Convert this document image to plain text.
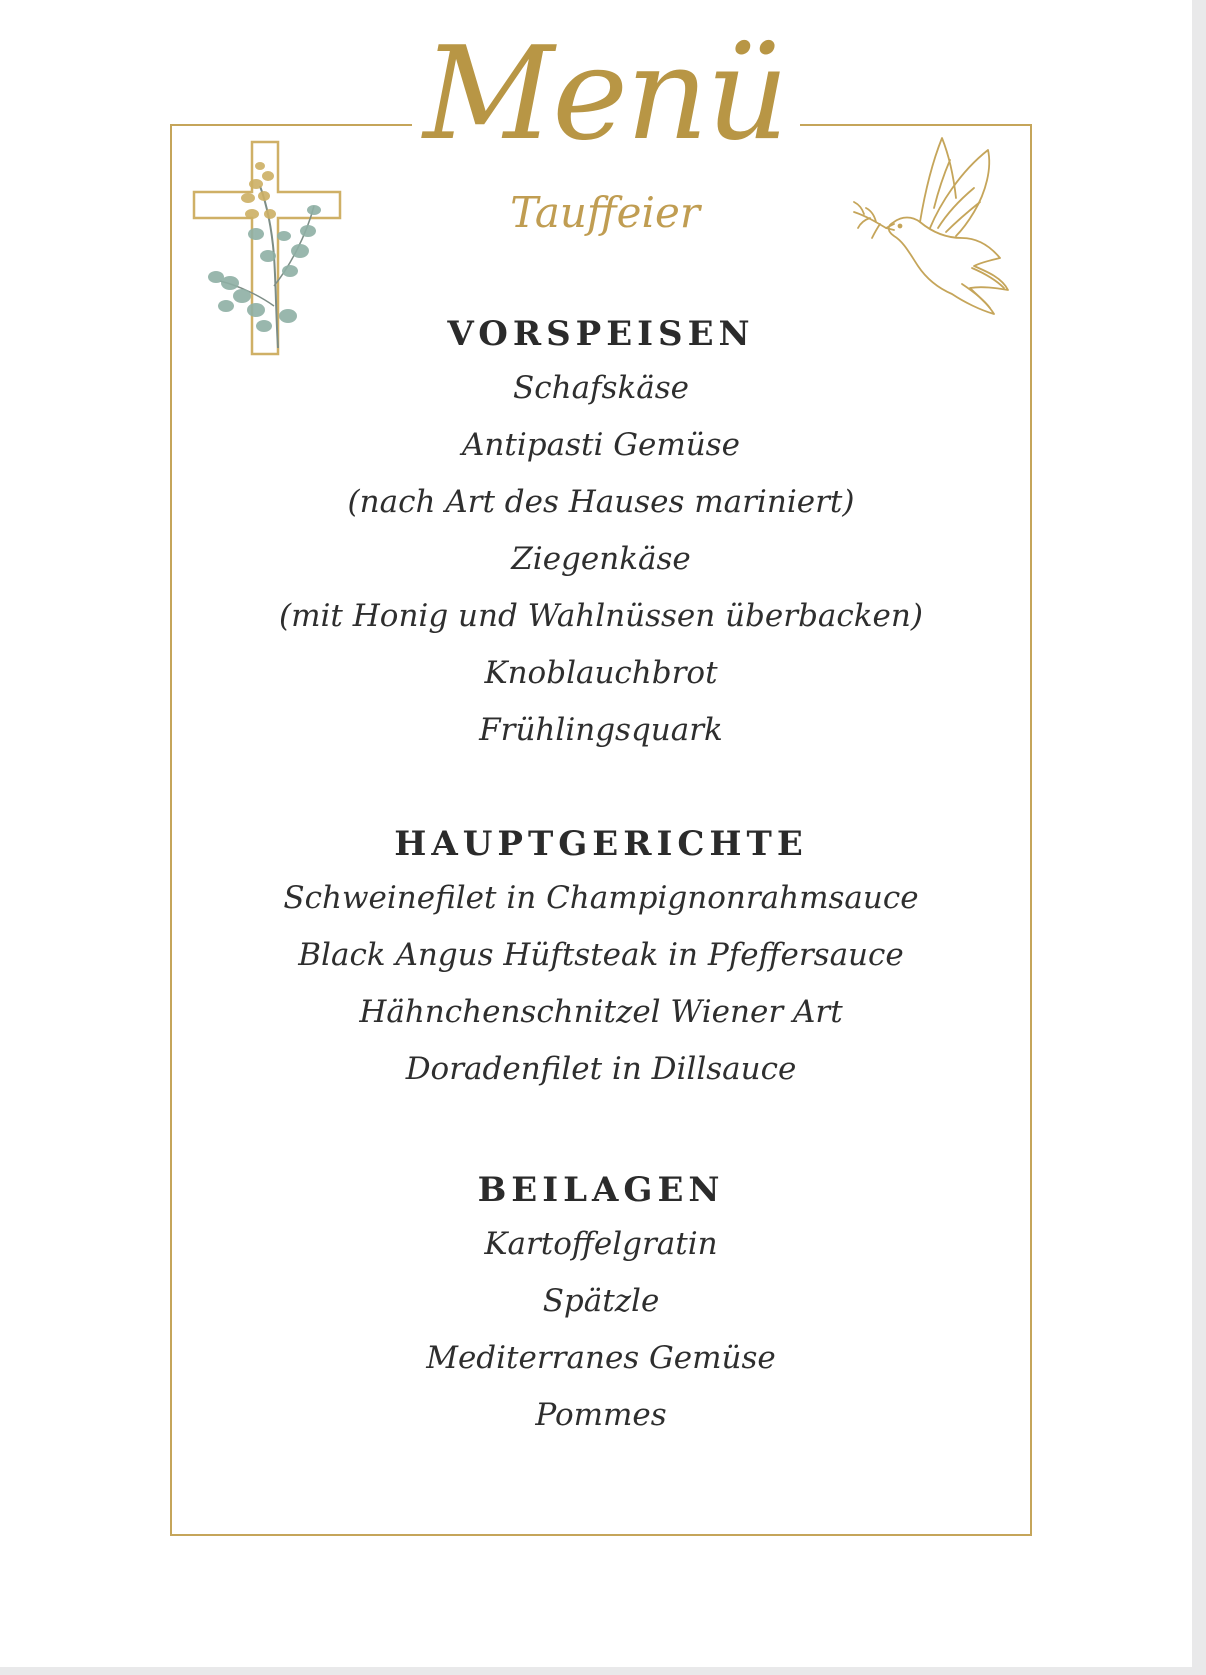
Menü
Tauffeier
VORSPEISEN
Schafskäse
Antipasti Gemüse
(nach Art des Hauses mariniert)
Ziegenkäse
(mit Honig und Wahlnüssen überbacken)
Knoblauchbrot
Frühlingsquark
HAUPTGERICHTE
Schweinefilet in Champignonrahmsauce
Black Angus Hüftsteak in Pfeffersauce
Hähnchenschnitzel Wiener Art
Doradenfilet in Dillsauce
BEILAGEN
Kartoffelgratin
Spätzle
Mediterranes Gemüse
Pommes
